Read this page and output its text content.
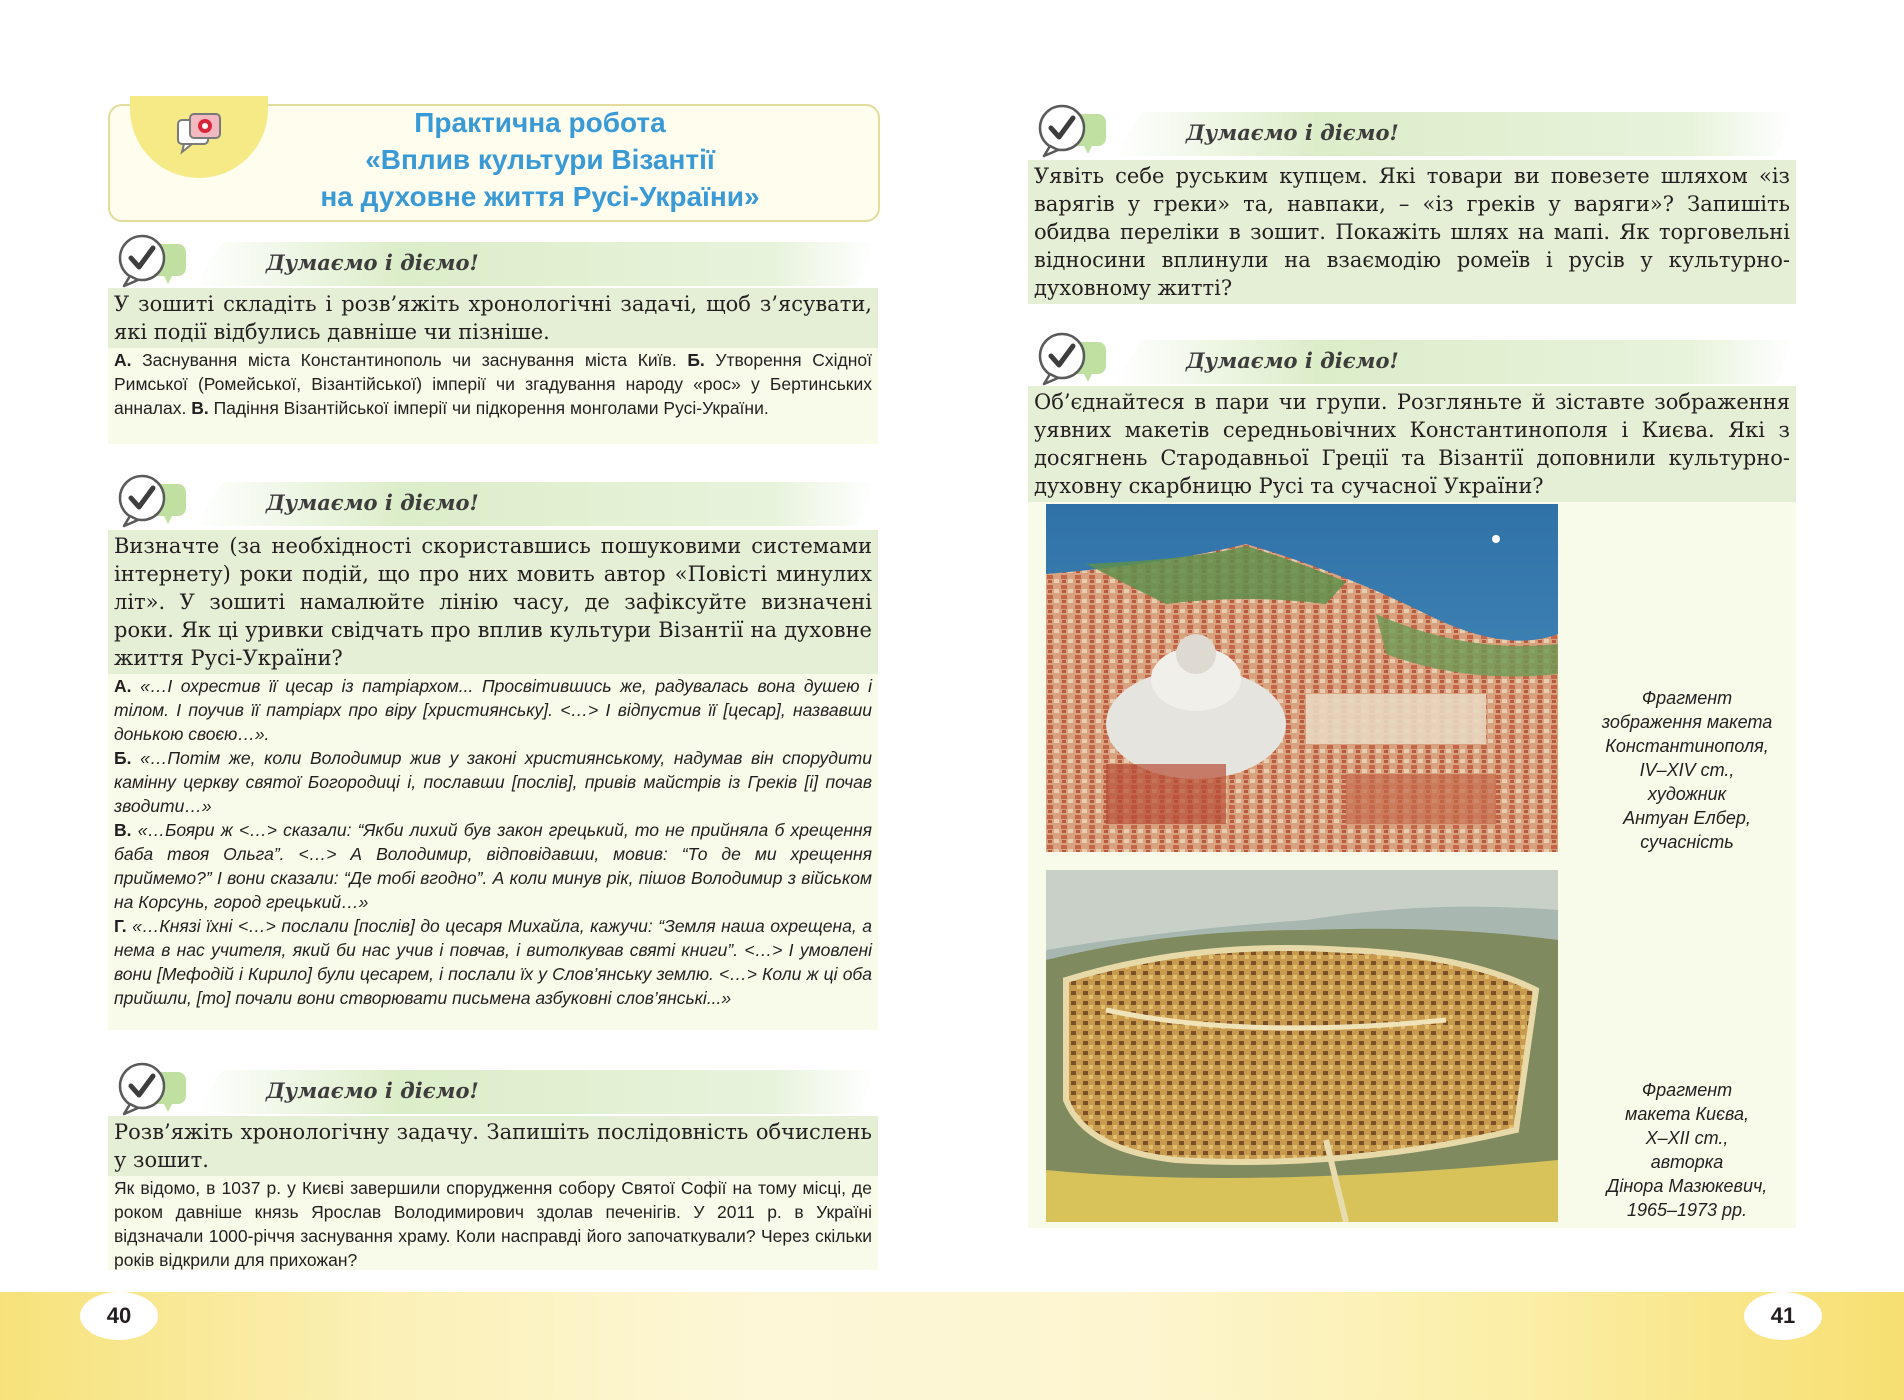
40	41
Практична робота
«Вплив культури Візантії
на духовне життя Русі-України»
Думаємо і діємо!
У зошиті складіть і розв’яжіть хронологічні задачі, щоб з’ясувати, які події відбулись давніше чи пізніше.
А. Заснування міста Константинополь чи заснування міста Київ. Б. Утворення Східної Римської (Ромейської, Візантійської) імперії чи згадування народу «рос» у Бертинських анналах. В. Падіння Візантійської імперії чи підкорення монголами Русі-України.
Думаємо і діємо!
Визначте (за необхідності скориставшись пошуковими системами інтернету) роки подій, що про них мовить автор «Повісті минулих літ». У зошиті намалюйте лінію часу, де зафіксуйте визначені роки. Як ці уривки свідчать про вплив культури Візантії на духовне життя Русі-України?
А. «…І охрестив її цесар із патріархом... Просвітившись же, радувалась вона душею і тілом. І поучив її патріарх про віру [християнську]. <…> І відпустив її [цесар], назвавши донькою своєю…».
Б. «…Потім же, коли Володимир жив у законі християнському, надумав він спорудити камінну церкву святої Богородиці і, пославши [послів], привів майстрів із Греків [і] почав зводити…»
В. «…Бояри ж <…> сказали: “Якби лихий був закон грецький, то не прийняла б хрещення баба твоя Ольга”. <…> А Володимир, відповідавши, мовив: “То де ми хрещення приймемо?” І вони сказали: “Де тобі вгодно”. А коли минув рік, пішов Володимир з військом на Корсунь, город грецький…»
Г. «…Князі їхні <…> послали [послів] до цесаря Михайла, кажучи: “Земля наша охрещена, а нема в нас учителя, який би нас учив і повчав, і витолкував святі книги”. <…> І умовлені вони [Мефодій і Кирило] були цесарем, і послали їх у Слов’янську землю. <…> Коли ж ці оба прийшли, [то] почали вони створювати письмена азбуковні слов’янські...»
Думаємо і діємо!
Розв’яжіть хронологічну задачу. Запишіть послідовність обчислень у зошит.
Як відомо, в 1037 р. у Києві завершили спорудження собору Святої Софії на тому місці, де роком давніше князь Ярослав Володимирович здолав печенігів. У 2011 р. в Україні відзначали 1000-річчя заснування храму. Коли насправді його започаткували? Через скільки років відкрили для прихожан?
Думаємо і діємо!
Уявіть себе руським купцем. Які товари ви повезете шляхом «із варягів у греки» та, навпаки, – «із греків у варяги»? Запишіть обидва переліки в зошит. Покажіть шлях на мапі. Як торговельні відносини вплинули на взаємодію ромеїв і русів у культурно-духовному житті?
Думаємо і діємо!
Об’єднайтеся в пари чи групи. Розгляньте й зіставте зображення уявних макетів середньовічних Константинополя і Києва. Які з досягнень Стародавньої Греції та Візантії доповнили культурно-духовну скарбницю Русі та сучасної України?
Фрагмент
зображення макета
Константинополя,
IV–XIV ст.,
художник
Антуан Елбер,
сучасність
Фрагмент
макета Києва,
X–XII ст.,
авторка
Дінора Мазюкевич,
1965–1973 рр.
